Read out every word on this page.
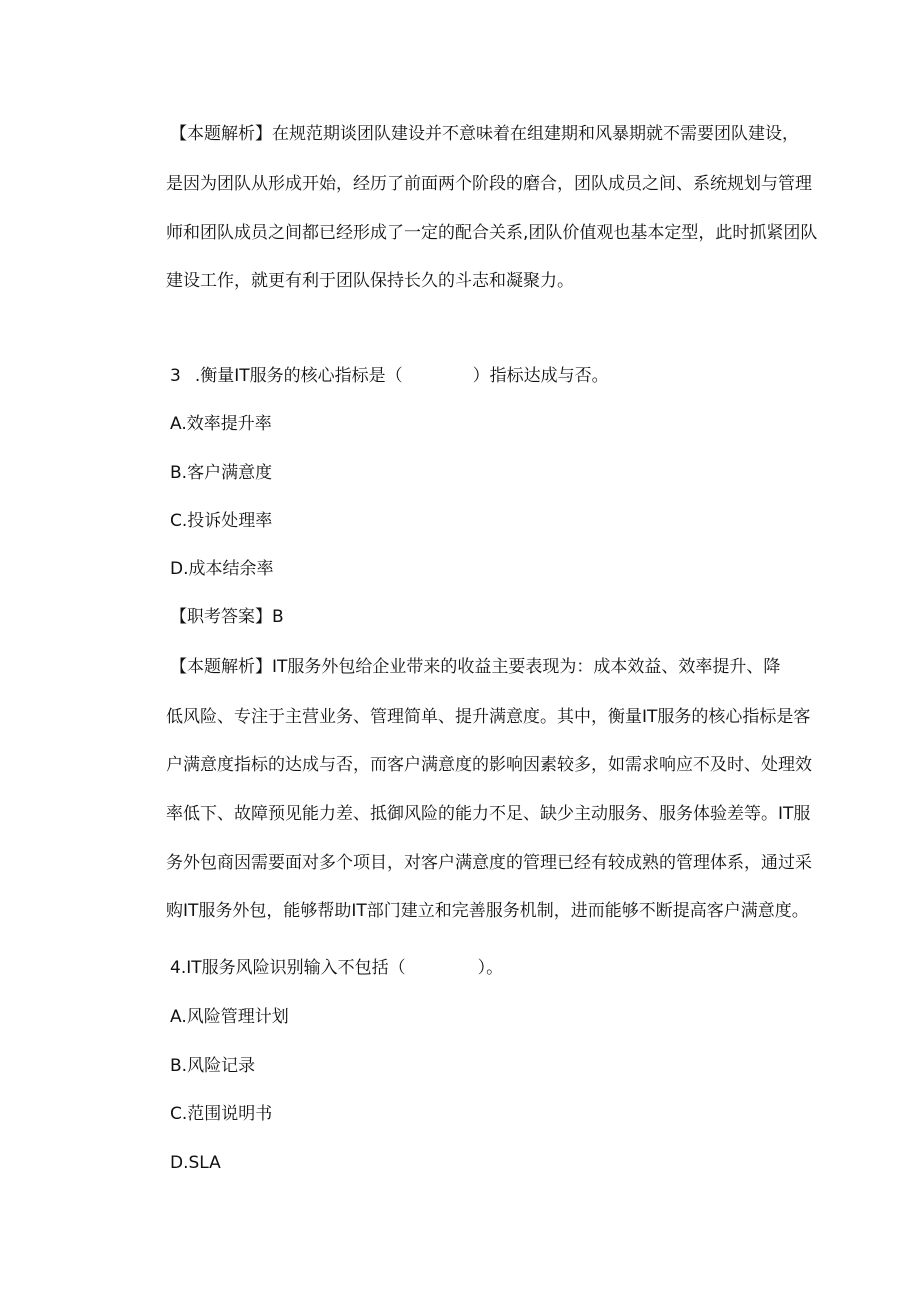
【本题解析】在规范期谈团队建设并不意味着在组建期和风暴期就不需要团队建设，
是因为团队从形成开始，经历了前面两个阶段的磨合，团队成员之间、系统规划与管理
师和团队成员之间都已经形成了一定的配合关系,团队价值观也基本定型，此时抓紧团队
建设工作，就更有利于团队保持长久的斗志和凝聚力。
3 .衡量IT服务的核心指标是（	）指标达成与否。
A.效率提升率
B.客户满意度
C.投诉处理率
D.成本结余率
【职考答案】B
【本题解析】IT服务外包给企业带来的收益主要表现为：成本效益、效率提升、降
低风险、专注于主营业务、管理简单、提升满意度。其中，衡量IT服务的核心指标是客
户满意度指标的达成与否，而客户满意度的影响因素较多，如需求响应不及时、处理效
率低下、故障预见能力差、抵御风险的能力不足、缺少主动服务、服务体验差等。IT服
务外包商因需要面对多个项目，对客户满意度的管理已经有较成熟的管理体系，通过采
购IT服务外包，能够帮助IT部门建立和完善服务机制，进而能够不断提高客户满意度。
4.IT服务风险识别输入不包括（	）。
A.风险管理计划
B.风险记录
C.范围说明书
D.SLA
